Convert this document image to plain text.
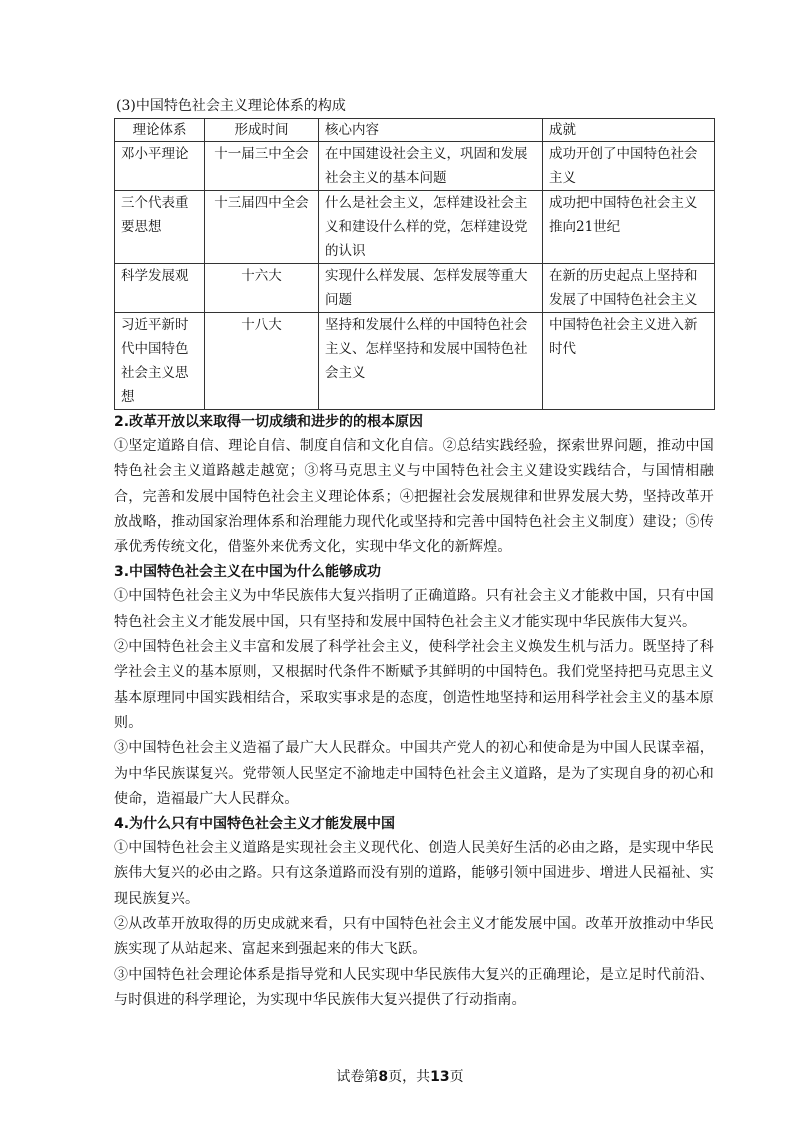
(3)中国特色社会主义理论体系的构成

理论体系	形成时间	核心内容	成就
邓小平理论	十一届三中全会	在中国建设社会主义，巩固和发展社会主义的基本问题	成功开创了中国特色社会主义
三个代表重要思想	十三届四中全会	什么是社会主义，怎样建设社会主义和建设什么样的党，怎样建设党的认识	成功把中国特色社会主义推向21世纪
科学发展观	十六大	实现什么样发展、怎样发展等重大问题	在新的历史起点上坚持和发展了中国特色社会主义
习近平新时代中国特色社会主义思想	十八大	坚持和发展什么样的中国特色社会主义、怎样坚持和发展中国特色社会主义	中国特色社会主义进入新时代

2.改革开放以来取得一切成绩和进步的的根本原因

①坚定道路自信、理论自信、制度自信和文化自信。②总结实践经验，探索世界问题，推动中国特色社会主义道路越走越宽；③将马克思主义与中国特色社会主义建设实践结合，与国情相融合，完善和发展中国特色社会主义理论体系；④把握社会发展规律和世界发展大势，坚持改革开放战略，推动国家治理体系和治理能力现代化或坚持和完善中国特色社会主义制度）建设；⑤传承优秀传统文化，借鉴外来优秀文化，实现中华文化的新辉煌。

3.中国特色社会主义在中国为什么能够成功

①中国特色社会主义为中华民族伟大复兴指明了正确道路。只有社会主义才能救中国，只有中国特色社会主义才能发展中国，只有坚持和发展中国特色社会主义才能实现中华民族伟大复兴。

②中国特色社会主义丰富和发展了科学社会主义，使科学社会主义焕发生机与活力。既坚持了科学社会主义的基本原则，又根据时代条件不断赋予其鲜明的中国特色。我们党坚持把马克思主义基本原理同中国实践相结合，采取实事求是的态度，创造性地坚持和运用科学社会主义的基本原则。

③中国特色社会主义造福了最广大人民群众。中国共产党人的初心和使命是为中国人民谋幸福，为中华民族谋复兴。党带领人民坚定不渝地走中国特色社会主义道路，是为了实现自身的初心和使命，造福最广大人民群众。

4.为什么只有中国特色社会主义才能发展中国

①中国特色社会主义道路是实现社会主义现代化、创造人民美好生活的必由之路，是实现中华民族伟大复兴的必由之路。只有这条道路而没有别的道路，能够引领中国进步、增进人民福祉、实现民族复兴。

②从改革开放取得的历史成就来看，只有中国特色社会主义才能发展中国。改革开放推动中华民族实现了从站起来、富起来到强起来的伟大飞跃。

③中国特色社会理论体系是指导党和人民实现中华民族伟大复兴的正确理论，是立足时代前沿、与时俱进的科学理论，为实现中华民族伟大复兴提供了行动指南。

试卷第8页，共13页
